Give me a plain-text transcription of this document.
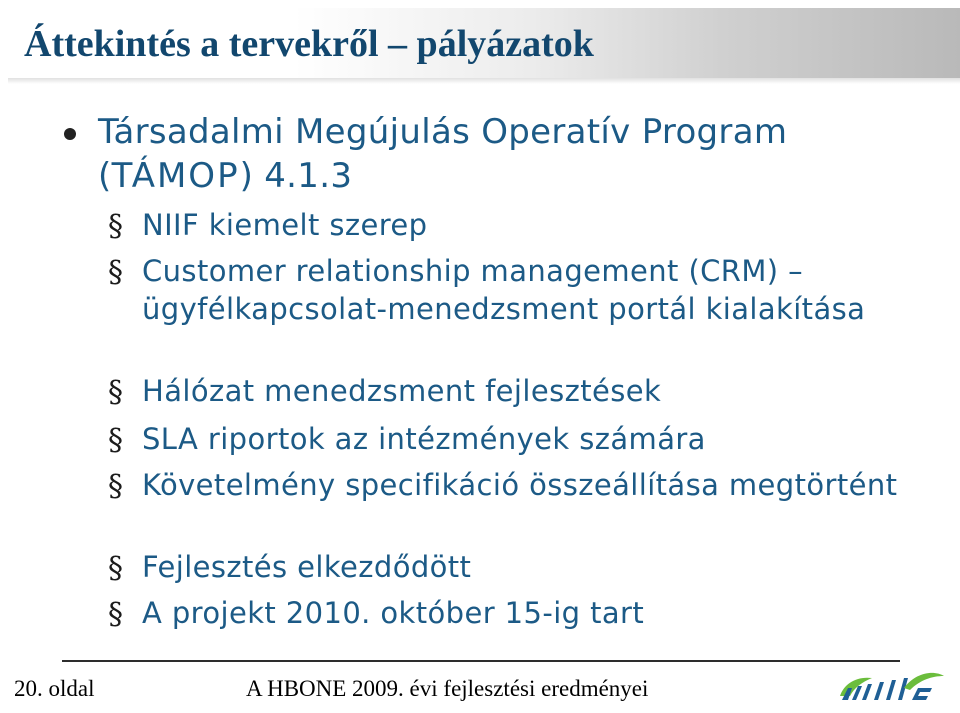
Áttekintés a tervekről – pályázatok
Társadalmi Megújulás Operatív Program (TÁMOP) 4.1.3
§ NIIF kiemelt szerep
§ Customer relationship management (CRM) – ügyfélkapcsolat-menedzsment portál kialakítása
§ Hálózat menedzsment fejlesztések
§ SLA riportok az intézmények számára
§ Követelmény specifikáció összeállítása megtörtént
§ Fejlesztés elkezdődött
§ A projekt 2010. október 15-ig tart
20. oldal	A HBONE 2009. évi fejlesztési eredményei
